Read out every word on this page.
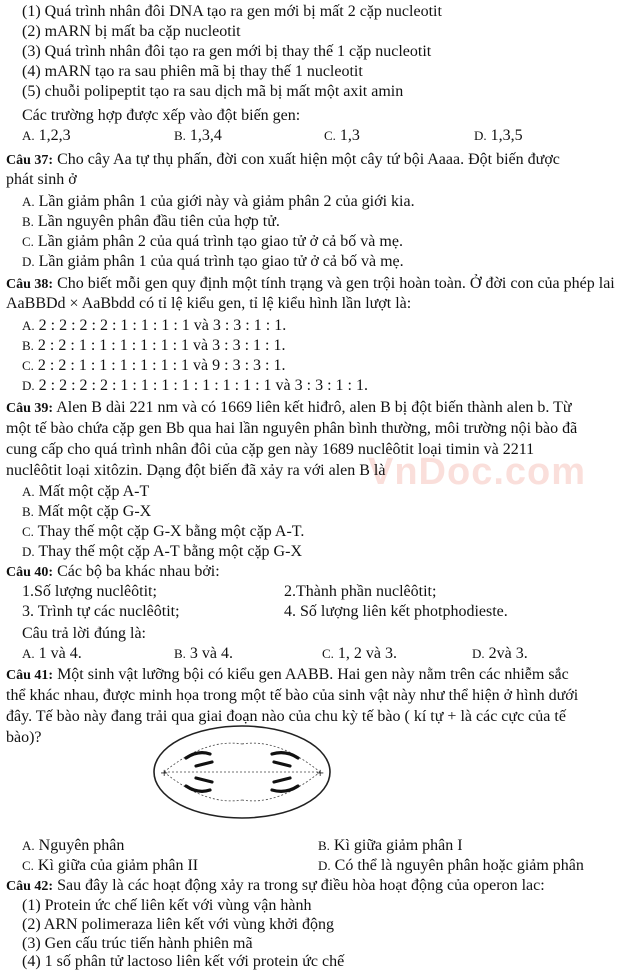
VnDoc.com
(1) Quá trình nhân đôi DNA tạo ra gen mới bị mất 2 cặp nucleotit
(2) mARN bị mất ba cặp nucleotit
(3) Quá trình nhân đôi tạo ra gen mới bị thay thế 1 cặp nucleotit
(4) mARN tạo ra sau phiên mã bị thay thế 1 nucleotit
(5) chuỗi polipeptit tạo ra sau dịch mã bị mất một axit amin
Các trường hợp được xếp vào đột biến gen:
A. 1,2,3	B. 1,3,4	C. 1,3	D. 1,3,5
Câu 37: Cho cây Aa tự thụ phấn, đời con xuất hiện một cây tứ bội Aaaa. Đột biến được
phát sinh ở
A. Lần giảm phân 1 của giới này và giảm phân 2 của giới kia.
B. Lần nguyên phân đầu tiên của hợp tử.
C. Lần giảm phân 2 của quá trình tạo giao tử ở cả bố và mẹ.
D. Lần giảm phân 1 của quá trình tạo giao tử ở cả bố và mẹ.
Câu 38: Cho biết mỗi gen quy định một tính trạng và gen trội hoàn toàn. Ở đời con của phép lai
AaBBDd × AaBbdd có tỉ lệ kiểu gen, tỉ lệ kiểu hình lần lượt là:
A. 2 : 2 : 2 : 2 : 1 : 1 : 1 : 1 và 3 : 3 : 1 : 1.
B. 2 : 2 : 1 : 1 : 1 : 1 : 1 : 1 và 3 : 3 : 1 : 1.
C. 2 : 2 : 1 : 1 : 1 : 1 : 1 : 1 và 9 : 3 : 3 : 1.
D. 2 : 2 : 2 : 2 : 1 : 1 : 1 : 1 : 1 : 1 : 1 : 1 và 3 : 3 : 1 : 1.
Câu 39: Alen B dài 221 nm và có 1669 liên kết hiđrô, alen B bị đột biến thành alen b. Từ
một tế bào chứa cặp gen Bb qua hai lần nguyên phân bình thường, môi trường nội bào đã
cung cấp cho quá trình nhân đôi của cặp gen này 1689 nuclêôtit loại timin và 2211
nuclêôtit loại xitôzin. Dạng đột biến đã xảy ra với alen B là
A. Mất một cặp A-T
B. Mất một cặp G-X
C. Thay thế một cặp G-X bằng một cặp A-T.
D. Thay thế một cặp A-T bằng một cặp G-X
Câu 40: Các bộ ba khác nhau bởi:
1.Số lượng nuclêôtit;	2.Thành phần nuclêôtit;
3. Trình tự các nuclêôtit;	4. Số lượng liên kết photphodieste.
Câu trả lời đúng là:
A. 1 và 4.	B. 3 và 4.	C. 1, 2 và 3.	D. 2và 3.
Câu 41: Một sinh vật lưỡng bội có kiểu gen AABB. Hai gen này nằm trên các nhiễm sắc
thể khác nhau, được minh họa trong một tế bào của sinh vật này như thể hiện ở hình dưới
đây. Tế bào này đang trải qua giai đoạn nào của chu kỳ tế bào ( kí tự + là các cực của tế
bào)?
+	+
A. Nguyên phân	B. Kì giữa giảm phân I
C. Kì giữa của giảm phân II	D. Có thể là nguyên phân hoặc giảm phân
Câu 42: Sau đây là các hoạt động xảy ra trong sự điều hòa hoạt động của operon lac:
(1) Protein ức chế liên kết với vùng vận hành
(2) ARN polimeraza liên kết với vùng khởi động
(3) Gen cấu trúc tiến hành phiên mã
(4) 1 số phân tử lactoso liên kết với protein ức chế
